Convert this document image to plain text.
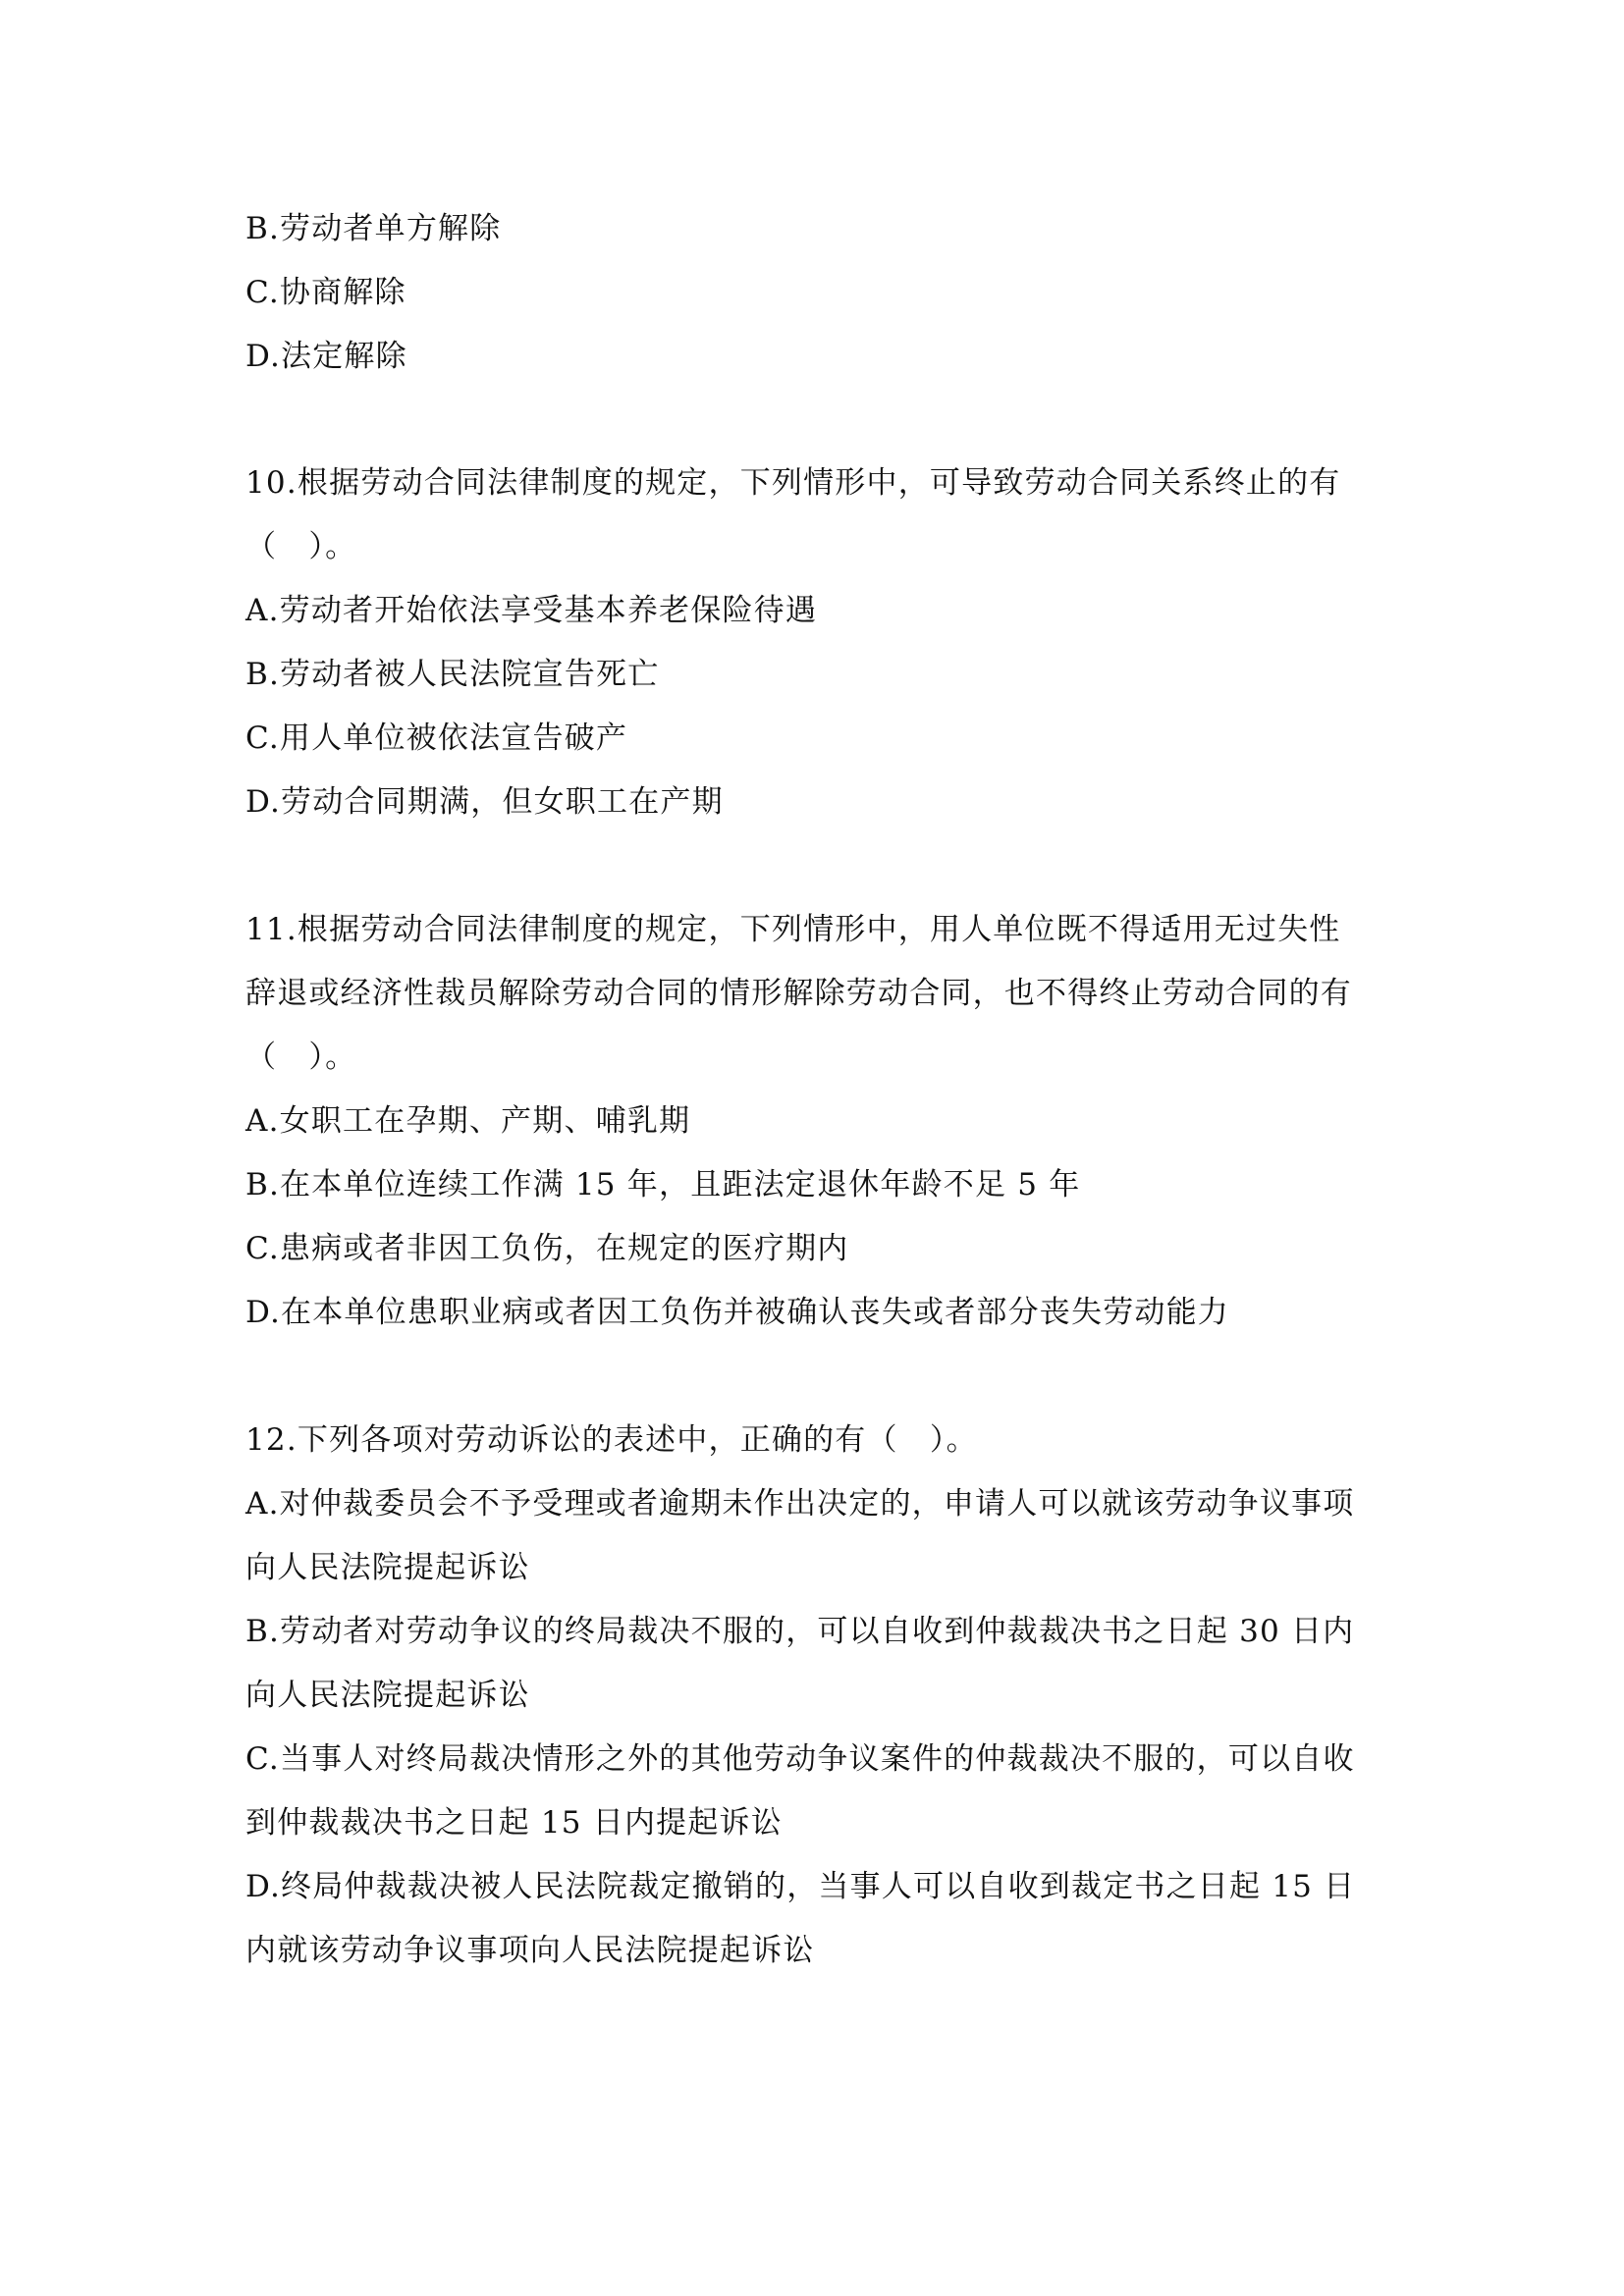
B.劳动者单方解除
C.协商解除
D.法定解除
10.根据劳动合同法律制度的规定，下列情形中，可导致劳动合同关系终止的有
（　）。
A.劳动者开始依法享受基本养老保险待遇
B.劳动者被人民法院宣告死亡
C.用人单位被依法宣告破产
D.劳动合同期满，但女职工在产期
11.根据劳动合同法律制度的规定，下列情形中，用人单位既不得适用无过失性
辞退或经济性裁员解除劳动合同的情形解除劳动合同，也不得终止劳动合同的有
（　）。
A.女职工在孕期、产期、哺乳期
B.在本单位连续工作满 15 年，且距法定退休年龄不足 5 年
C.患病或者非因工负伤，在规定的医疗期内
D.在本单位患职业病或者因工负伤并被确认丧失或者部分丧失劳动能力
12.下列各项对劳动诉讼的表述中，正确的有（　）。
A.对仲裁委员会不予受理或者逾期未作出决定的，申请人可以就该劳动争议事项
向人民法院提起诉讼
B.劳动者对劳动争议的终局裁决不服的，可以自收到仲裁裁决书之日起 30 日内
向人民法院提起诉讼
C.当事人对终局裁决情形之外的其他劳动争议案件的仲裁裁决不服的，可以自收
到仲裁裁决书之日起 15 日内提起诉讼
D.终局仲裁裁决被人民法院裁定撤销的，当事人可以自收到裁定书之日起 15 日
内就该劳动争议事项向人民法院提起诉讼
